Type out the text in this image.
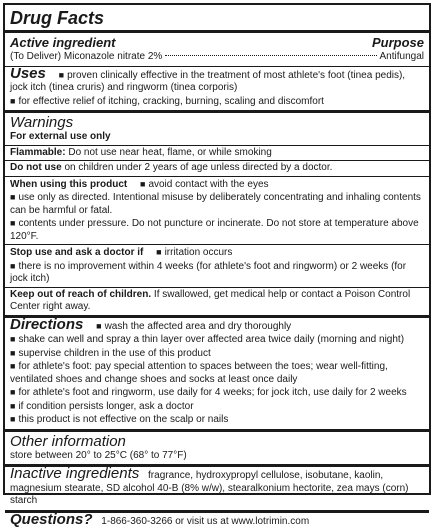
Drug Facts
Active ingredient	Purpose
(To Deliver) Miconazole nitrate 2%	Antifungal
Uses ■ proven clinically effective in the treatment of most athlete's foot (tinea pedis), jock itch (tinea cruris) and ringworm (tinea corporis)
■ for effective relief of itching, cracking, burning, scaling and discomfort
Warnings
For external use only
Flammable: Do not use near heat, flame, or while smoking
Do not use on children under 2 years of age unless directed by a doctor.
When using this product ■ avoid contact with the eyes
■ use only as directed. Intentional misuse by deliberately concentrating and inhaling contents can be harmful or fatal.
■ contents under pressure. Do not puncture or incinerate. Do not store at temperature above 120°F.
Stop use and ask a doctor if ■ irritation occurs
■ there is no improvement within 4 weeks (for athlete's foot and ringworm) or 2 weeks (for jock itch)
Keep out of reach of children. If swallowed, get medical help or contact a Poison Control Center right away.
Directions ■ wash the affected area and dry thoroughly
■ shake can well and spray a thin layer over affected area twice daily (morning and night)
■ supervise children in the use of this product
■ for athlete's foot: pay special attention to spaces between the toes; wear well-fitting, ventilated shoes and change shoes and socks at least once daily
■ for athlete's foot and ringworm, use daily for 4 weeks; for jock itch, use daily for 2 weeks
■ if condition persists longer, ask a doctor
■ this product is not effective on the scalp or nails
Other information
store between 20° to 25°C (68° to 77°F)
Inactive ingredients fragrance, hydroxypropyl cellulose, isobutane, kaolin, magnesium stearate, SD alcohol 40-B (8% w/w), stearalkonium hectorite, zea mays (corn) starch
Questions? 1-866-360-3266 or visit us at www.lotrimin.com
